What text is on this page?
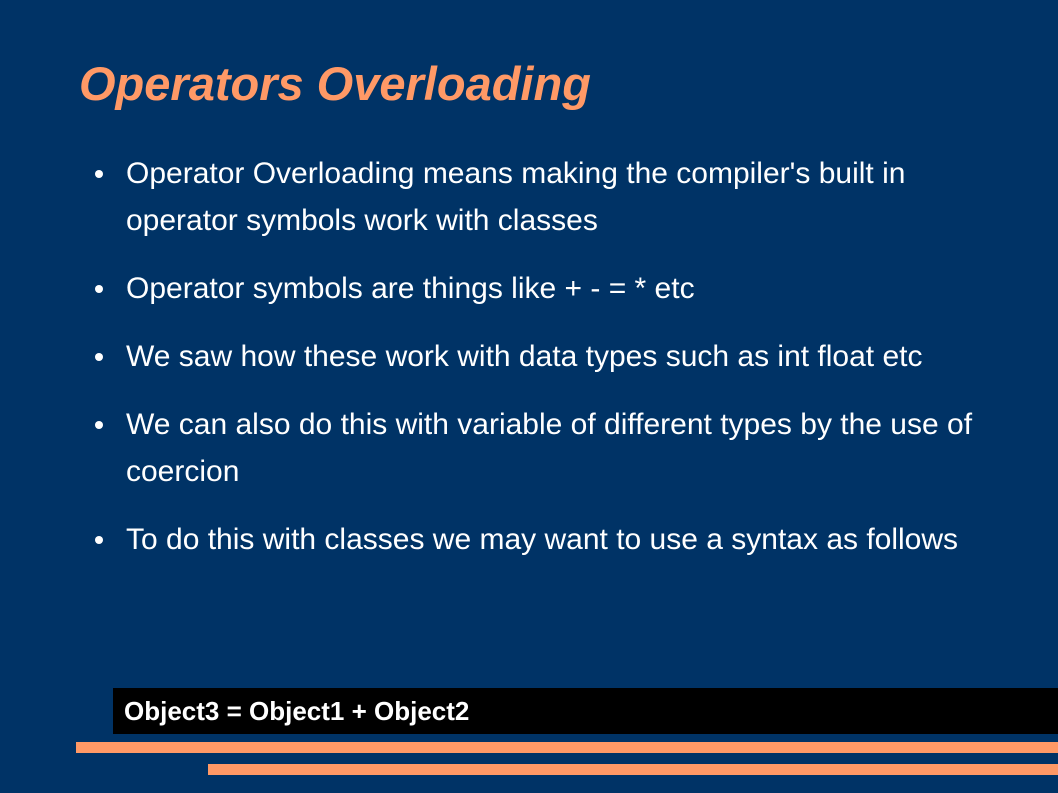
Operators Overloading
Operator Overloading means making the compiler's built in operator symbols work with classes
Operator symbols are things like + - = * etc
We saw how these work with data types such as int float etc
We can also do this with variable of different types by the use of coercion
To do this with classes we may want to use a syntax as follows
Object3 = Object1 + Object2
